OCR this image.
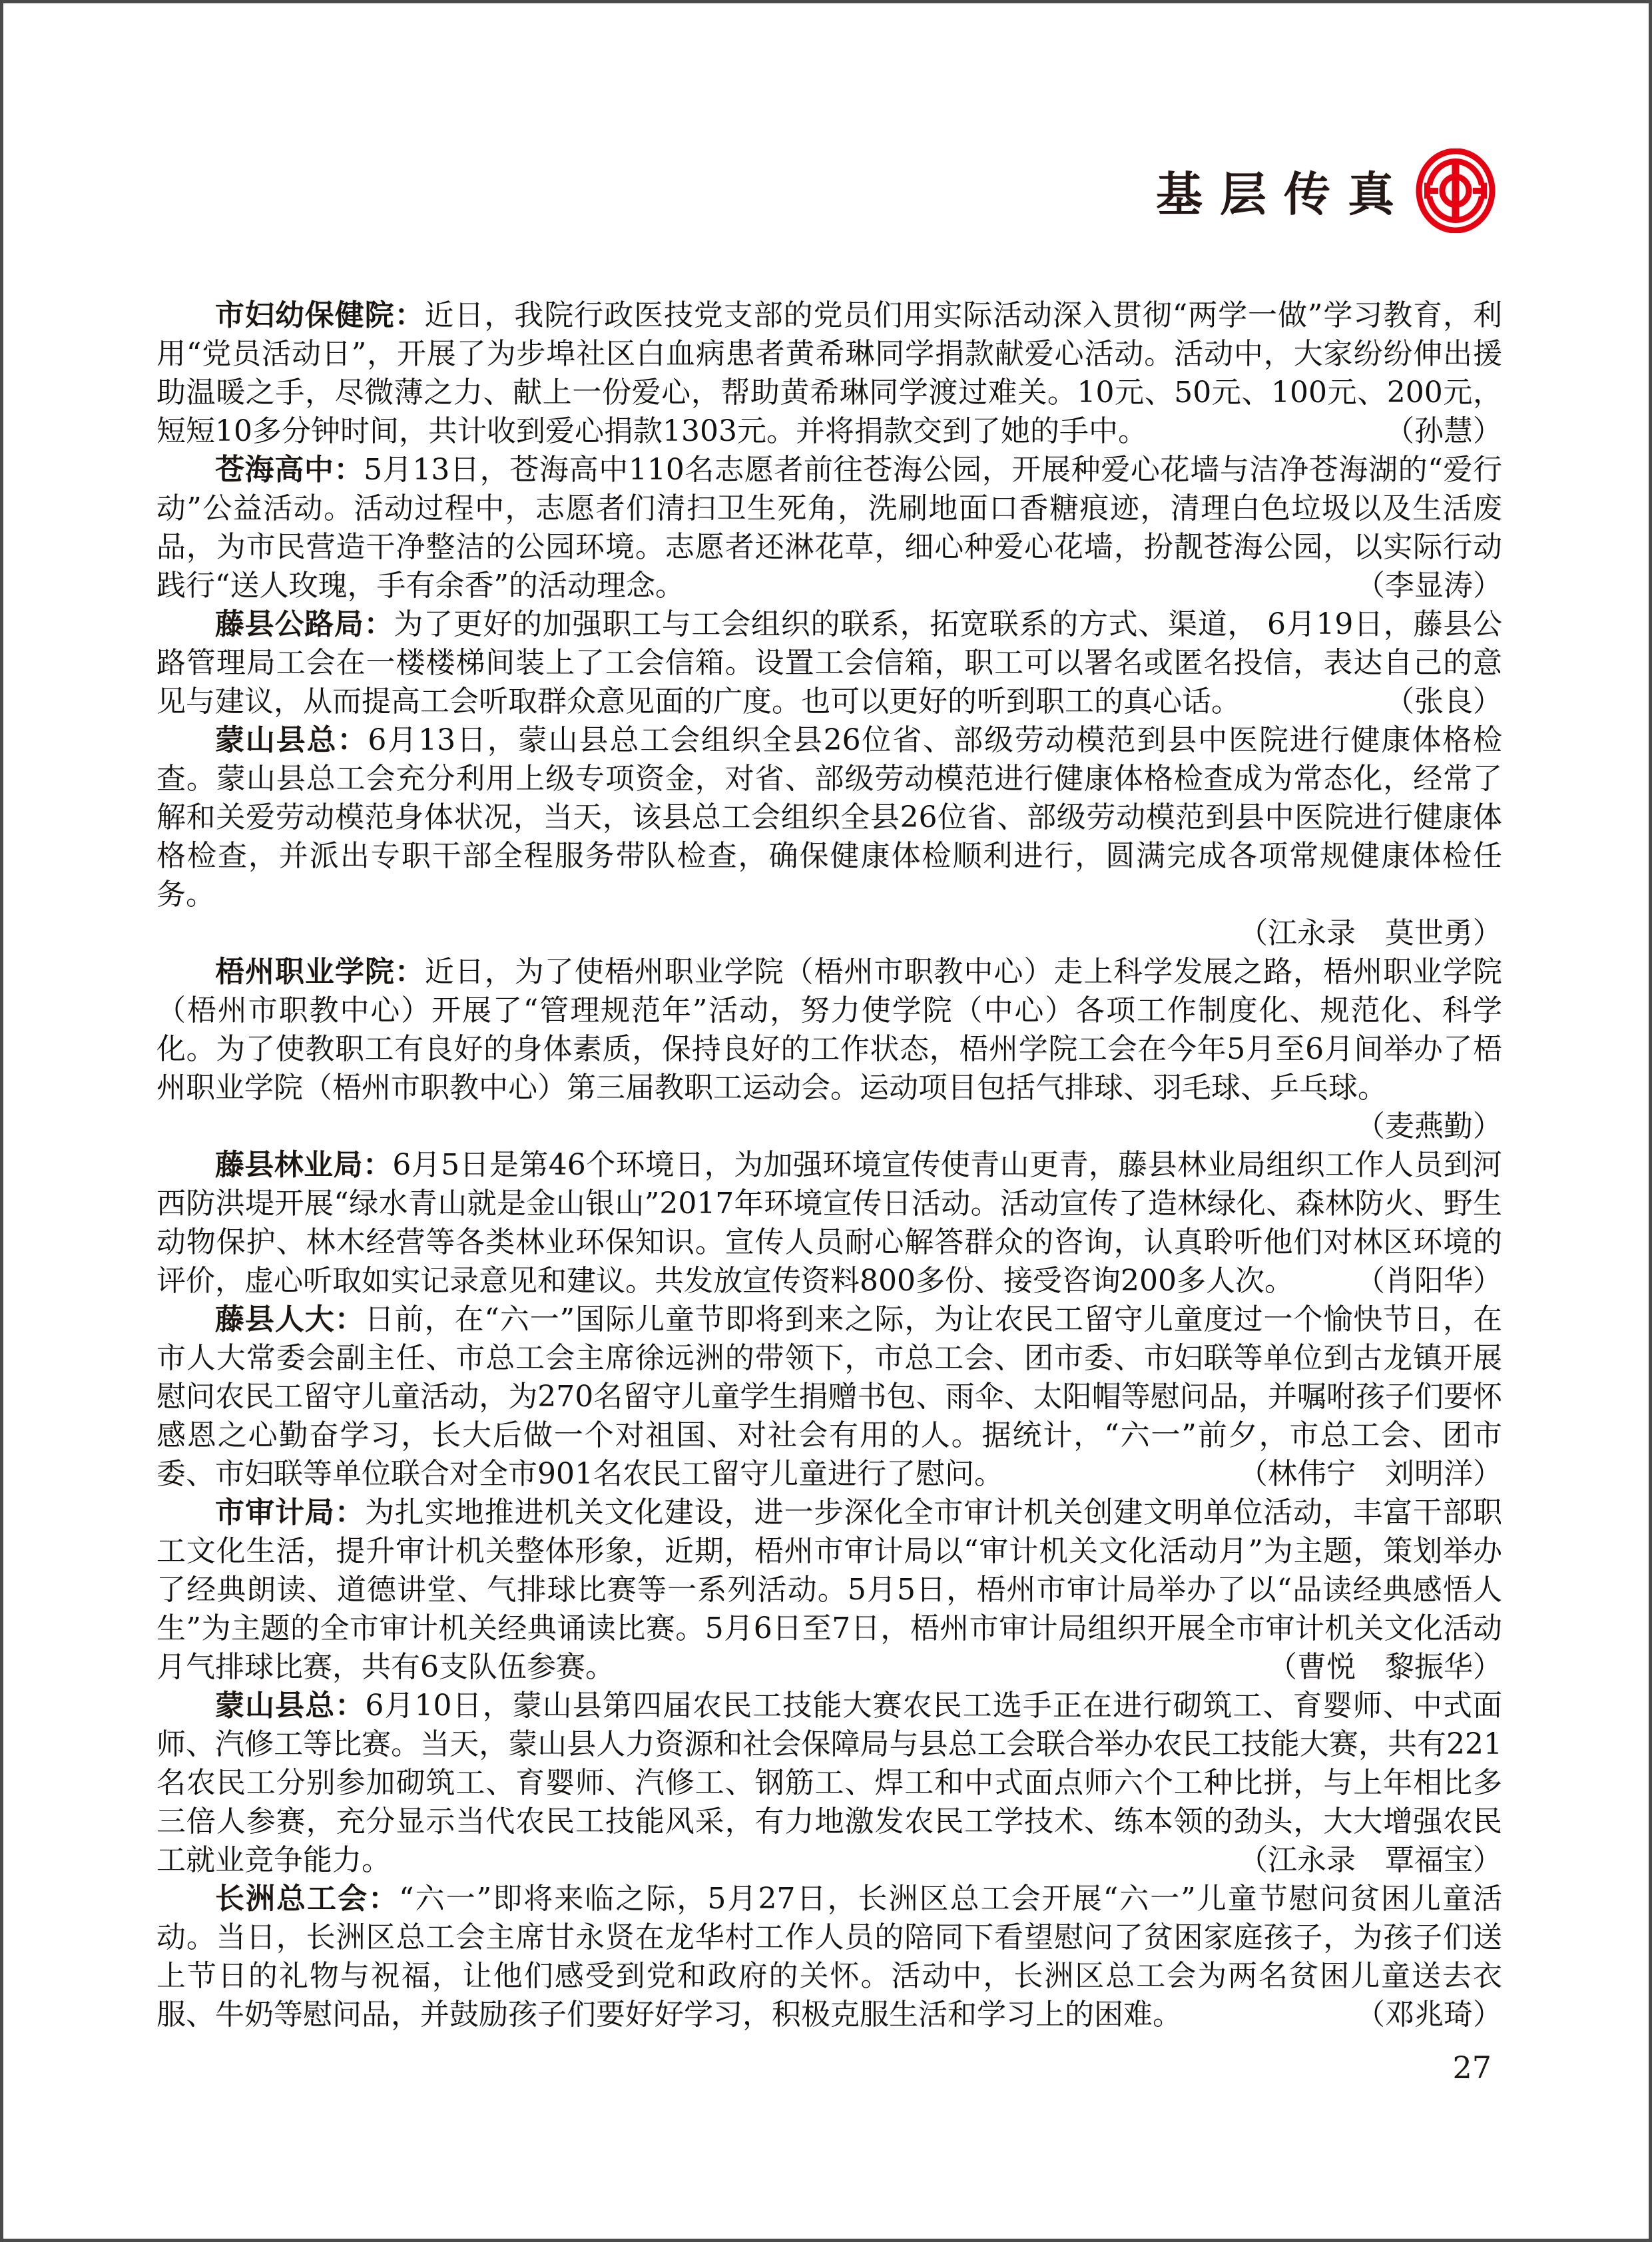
基层传真

市妇幼保健院：近日，我院行政医技党支部的党员们用实际活动深入贯彻“两学一做”学习教育，利用“党员活动日”，开展了为步埠社区白血病患者黄希琳同学捐款献爱心活动。活动中，大家纷纷伸出援助温暖之手，尽微薄之力、献上一份爱心，帮助黄希琳同学渡过难关。10元、50元、100元、200元，短短10多分钟时间，共计收到爱心捐款1303元。并将捐款交到了她的手中。	（孙慧）

苍海高中：5月13日，苍海高中110名志愿者前往苍海公园，开展种爱心花墙与洁净苍海湖的“爱行动”公益活动。活动过程中，志愿者们清扫卫生死角，洗刷地面口香糖痕迹，清理白色垃圾以及生活废品，为市民营造干净整洁的公园环境。志愿者还淋花草，细心种爱心花墙，扮靓苍海公园，以实际行动践行“送人玫瑰，手有余香”的活动理念。	（李显涛）

藤县公路局：为了更好的加强职工与工会组织的联系，拓宽联系的方式、渠道， 6月19日，藤县公路管理局工会在一楼楼梯间装上了工会信箱。设置工会信箱，职工可以署名或匿名投信，表达自己的意见与建议，从而提高工会听取群众意见面的广度。也可以更好的听到职工的真心话。	（张良）

蒙山县总：6月13日，蒙山县总工会组织全县26位省、部级劳动模范到县中医院进行健康体格检查。蒙山县总工会充分利用上级专项资金，对省、部级劳动模范进行健康体格检查成为常态化，经常了解和关爱劳动模范身体状况，当天，该县总工会组织全县26位省、部级劳动模范到县中医院进行健康体格检查，并派出专职干部全程服务带队检查，确保健康体检顺利进行，圆满完成各项常规健康体检任务。
（江永录　莫世勇）

梧州职业学院：近日，为了使梧州职业学院（梧州市职教中心）走上科学发展之路，梧州职业学院（梧州市职教中心）开展了“管理规范年”活动，努力使学院（中心）各项工作制度化、规范化、科学化。为了使教职工有良好的身体素质，保持良好的工作状态，梧州学院工会在今年5月至6月间举办了梧州职业学院（梧州市职教中心）第三届教职工运动会。运动项目包括气排球、羽毛球、乒乓球。
（麦燕勤）

藤县林业局：6月5日是第46个环境日，为加强环境宣传使青山更青，藤县林业局组织工作人员到河西防洪堤开展“绿水青山就是金山银山”2017年环境宣传日活动。活动宣传了造林绿化、森林防火、野生动物保护、林木经营等各类林业环保知识。宣传人员耐心解答群众的咨询，认真聆听他们对林区环境的评价，虚心听取如实记录意见和建议。共发放宣传资料800多份、接受咨询200多人次。	（肖阳华）

藤县人大：日前，在“六一”国际儿童节即将到来之际，为让农民工留守儿童度过一个愉快节日，在市人大常委会副主任、市总工会主席徐远洲的带领下，市总工会、团市委、市妇联等单位到古龙镇开展慰问农民工留守儿童活动，为270名留守儿童学生捐赠书包、雨伞、太阳帽等慰问品，并嘱咐孩子们要怀感恩之心勤奋学习，长大后做一个对祖国、对社会有用的人。据统计，“六一”前夕，市总工会、团市委、市妇联等单位联合对全市901名农民工留守儿童进行了慰问。	（林伟宁　刘明洋）

市审计局：为扎实地推进机关文化建设，进一步深化全市审计机关创建文明单位活动，丰富干部职工文化生活，提升审计机关整体形象，近期，梧州市审计局以“审计机关文化活动月”为主题，策划举办了经典朗读、道德讲堂、气排球比赛等一系列活动。5月5日，梧州市审计局举办了以“品读经典感悟人生”为主题的全市审计机关经典诵读比赛。5月6日至7日，梧州市审计局组织开展全市审计机关文化活动月气排球比赛，共有6支队伍参赛。	（曹悦　黎振华）

蒙山县总：6月10日，蒙山县第四届农民工技能大赛农民工选手正在进行砌筑工、育婴师、中式面师、汽修工等比赛。当天，蒙山县人力资源和社会保障局与县总工会联合举办农民工技能大赛，共有221名农民工分别参加砌筑工、育婴师、汽修工、钢筋工、焊工和中式面点师六个工种比拼，与上年相比多三倍人参赛，充分显示当代农民工技能风采，有力地激发农民工学技术、练本领的劲头，大大增强农民工就业竞争能力。	（江永录　覃福宝）

长洲总工会：“六一”即将来临之际，5月27日，长洲区总工会开展“六一”儿童节慰问贫困儿童活动。当日，长洲区总工会主席甘永贤在龙华村工作人员的陪同下看望慰问了贫困家庭孩子，为孩子们送上节日的礼物与祝福，让他们感受到党和政府的关怀。活动中，长洲区总工会为两名贫困儿童送去衣服、牛奶等慰问品，并鼓励孩子们要好好学习，积极克服生活和学习上的困难。	（邓兆琦）

27
